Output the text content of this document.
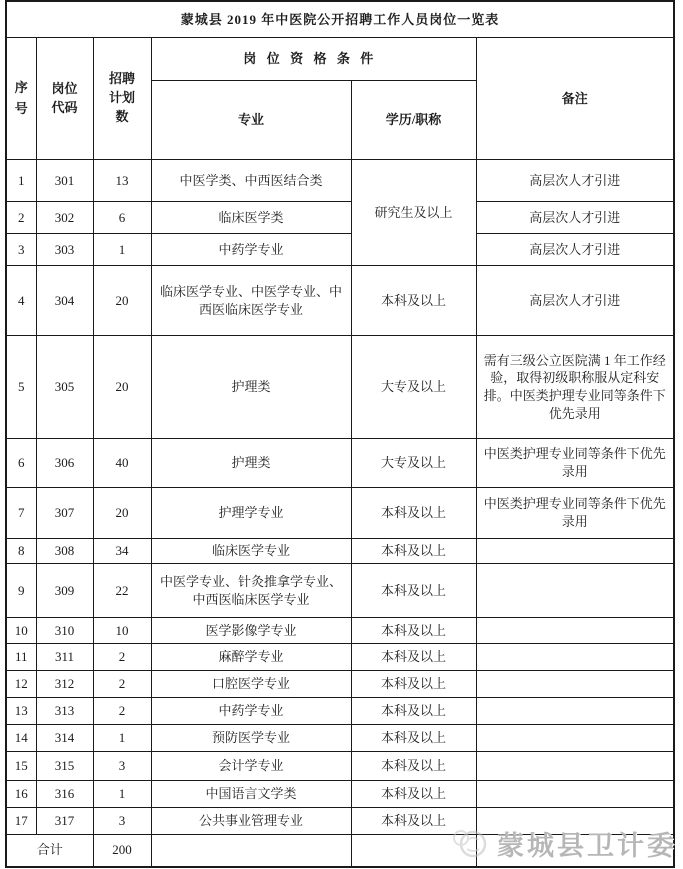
蒙城县 2019 年中医院公开招聘工作人员岗位一览表					
序号	岗位代码	招聘计划数	岗位资格条件		备注
			专业	学历/职称	
1	301	13	中医学类、中西医结合类	研究生及以上	高层次人才引进
2	302	6	临床医学类		高层次人才引进
3	303	1	中药学专业		高层次人才引进
4	304	20	临床医学专业、中医学专业、中西医临床医学专业	本科及以上	高层次人才引进
5	305	20	护理类	大专及以上	需有三级公立医院满 1 年工作经验，取得初级职称服从定科安排。中医类护理专业同等条件下优先录用
6	306	40	护理类	大专及以上	中医类护理专业同等条件下优先录用
7	307	20	护理学专业	本科及以上	中医类护理专业同等条件下优先录用
8	308	34	临床医学专业	本科及以上	
9	309	22	中医学专业、针灸推拿学专业、中西医临床医学专业	本科及以上	
10	310	10	医学影像学专业	本科及以上	
11	311	2	麻醉学专业	本科及以上	
12	312	2	口腔医学专业	本科及以上	
13	313	2	中药学专业	本科及以上	
14	314	1	预防医学专业	本科及以上	
15	315	3	会计学专业	本科及以上	
16	316	1	中国语言文学类	本科及以上	
17	317	3	公共事业管理专业	本科及以上	
合计		200				蒙城县卫计委
